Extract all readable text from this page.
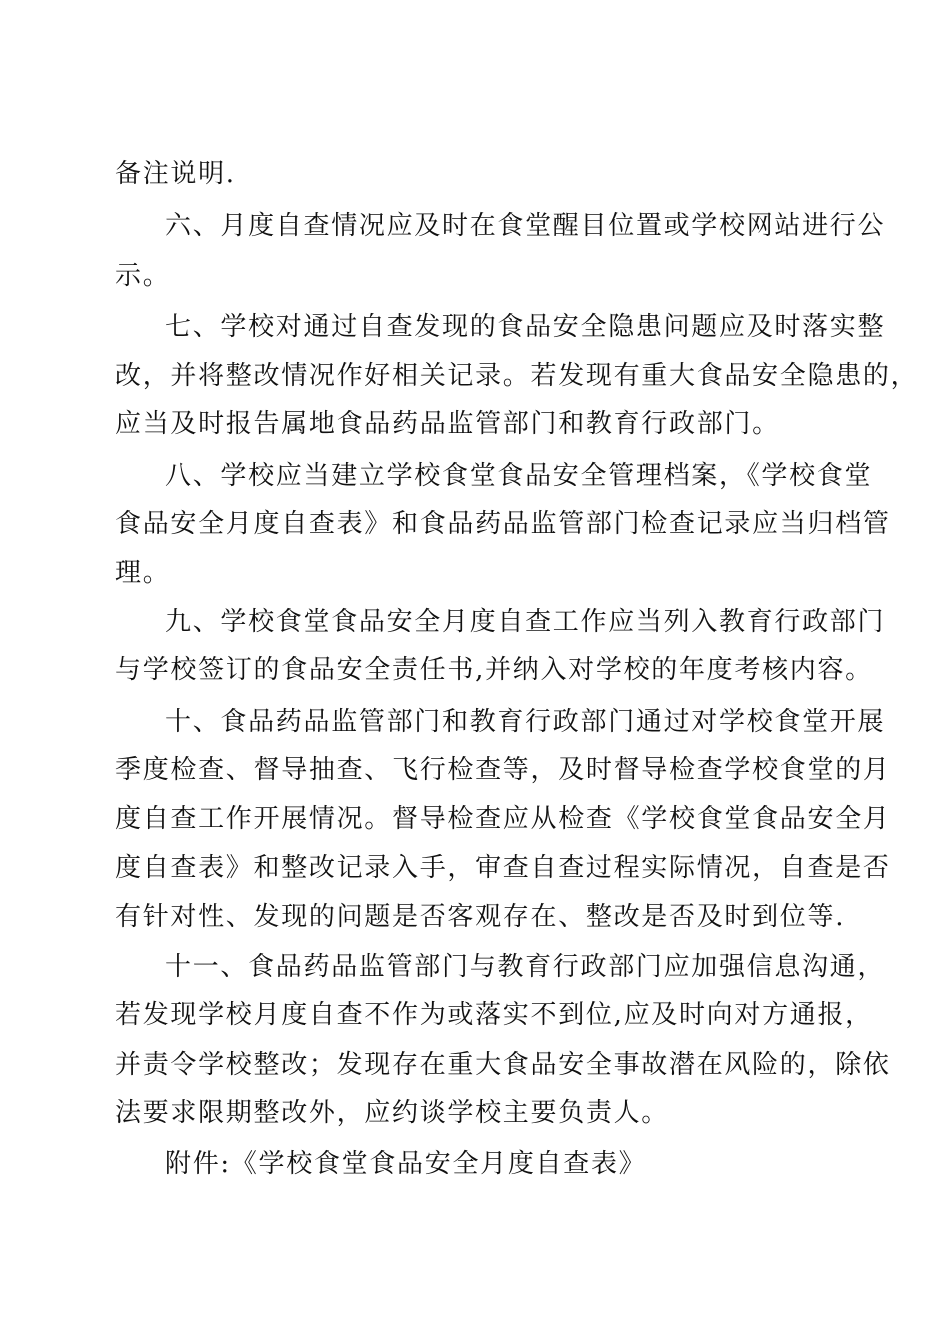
备注说明.
六、月度自查情况应及时在食堂醒目位置或学校网站进行公
示。
七、学校对通过自查发现的食品安全隐患问题应及时落实整
改，并将整改情况作好相关记录。若发现有重大食品安全隐患的，
应当及时报告属地食品药品监管部门和教育行政部门。
八、学校应当建立学校食堂食品安全管理档案，《学校食堂
食品安全月度自查表》和食品药品监管部门检查记录应当归档管
理。
九、学校食堂食品安全月度自查工作应当列入教育行政部门
与学校签订的食品安全责任书,并纳入对学校的年度考核内容。
十、食品药品监管部门和教育行政部门通过对学校食堂开展
季度检查、督导抽查、飞行检查等，及时督导检查学校食堂的月
度自查工作开展情况。督导检查应从检查《学校食堂食品安全月
度自查表》和整改记录入手，审查自查过程实际情况，自查是否
有针对性、发现的问题是否客观存在、整改是否及时到位等.
十一、食品药品监管部门与教育行政部门应加强信息沟通，
若发现学校月度自查不作为或落实不到位,应及时向对方通报，
并责令学校整改；发现存在重大食品安全事故潜在风险的，除依
法要求限期整改外，应约谈学校主要负责人。
附件:《学校食堂食品安全月度自查表》
